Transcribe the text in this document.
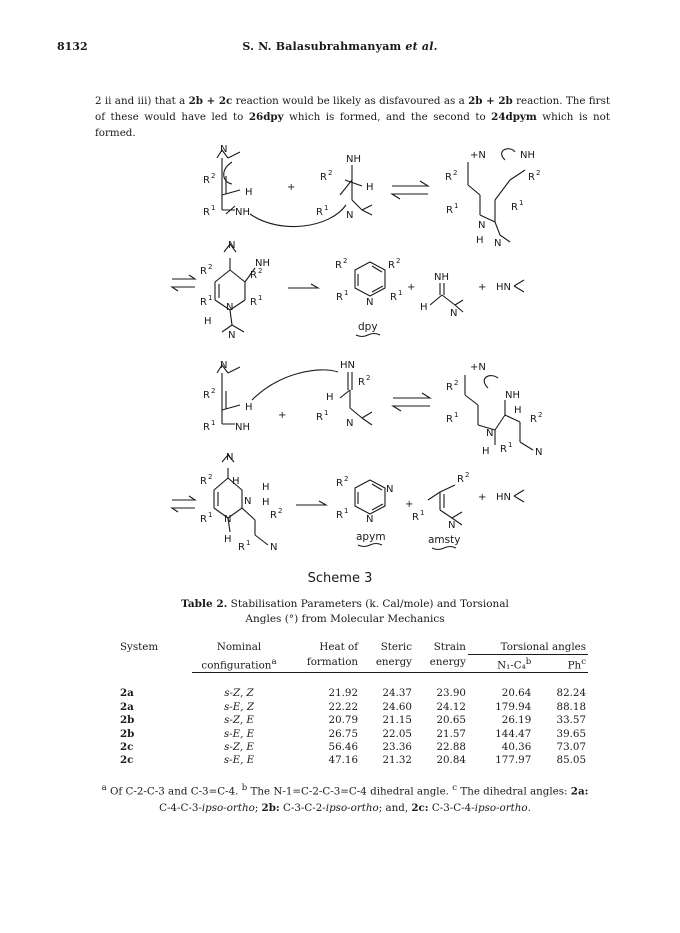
8132	S. N. Balasubrahmanyam et al.
2 ii and iii) that a 2b + 2c reaction would be likely as disfavoured as a 2b + 2b reaction. The first of these would have led to 26dpy which is formed, and the second to 24dpym which is not formed.
N
R 2
H
R 1 NH
+
NH
R 2
H
R 1
N
+N	NH
R 2	R 2
R 1	R 1
N
H N
N
NH
R 2
R 2
R 1
N R 1
H
N
R 2	R 2
R 1
N R 1
dpy
+
NH
H
N
+ HN
N
R 2
H
R 1 NH
+
HN
R 2
H
R 1
N
+N
NH
R 2
R 2
H
R 1
N
H R 1
N
N
H
H
R 2
N H
R 2
R 1 N
H
R 1 N
R 2
N
R 1
N
apym
+
R 2
R 1
N
amsty
+ HN
Scheme 3
Table 2. Stabilisation Parameters (k. Cal/mole) and Torsional
Angles (°) from Molecular Mechanics
System	Nominal	Heat of	Steric	Strain	Torsional angles	
	configuration$^a$	formation	energy	energy	N₁-C₄$^b$	Ph$^c$

2a	s-Z, Z	21.92	24.37	23.90	20.64	82.24
2a	s-E, Z	22.22	24.60	24.12	179.94	88.18
2b	s-Z, E	20.79	21.15	20.65	26.19	33.57
2b	s-E, E	26.75	22.05	21.57	144.47	39.65
2c	s-Z, E	56.46	23.36	22.88	40.36	73.07
2c	s-E, E	47.16	21.32	20.84	177.97	85.05
$^a$ Of C-2-C-3 and C-3=C-4. $^b$ The N-1=C-2-C-3=C-4 dihedral angle. $^c$ The dihedral angles: 2a:
C-4-C-3-ipso-ortho; 2b: C-3-C-2-ipso-ortho; and, 2c: C-3-C-4-ipso-ortho.
